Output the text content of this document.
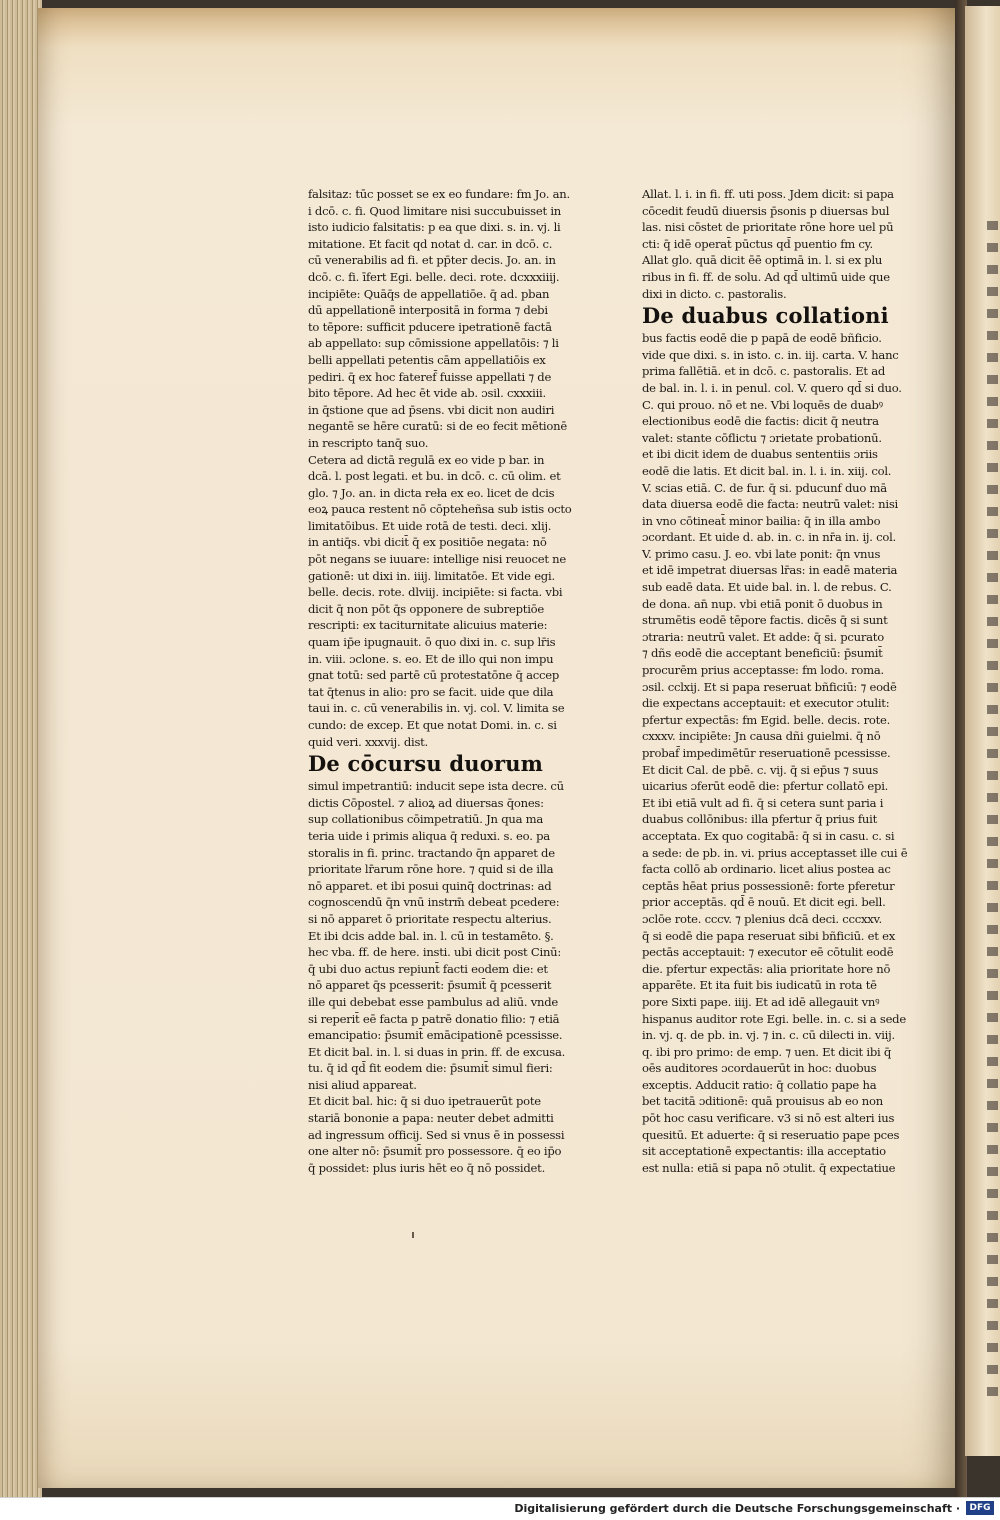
falsitaz: tūc posset se ex eo fundare: fm Jo. an.
i dcō. c. fi. Quod limitare nisi succubuisset in
isto iudicio falsitatis: p ea que dixi. s. in. vj. li
mitatione. Et facit qd notat d. car. in dcō. c.
cū venerabilis ad fi. et pp̄ter decis. Jo. an. in
dcō. c. fi. īfert Egi. belle. deci. rote. dcxxxiiij.
incipiēte: Quāq̄s de appellatiōe. q̄ ad. pban
dū appellationē interpositā in forma ⁊ debi
to tēpore: sufficit pducere ipetrationē factā
ab appellato: sup cōmissione appellatōis: ⁊ li
belli appellati petentis cām appellatiōis ex
pediri. q̄ ex hoc fateref̄ fuisse appellati ⁊ de
bito tēpore. Ad hec ēt vide ab. ɔsil. cxxxiii.
in q̄stione que ad p̄sens. vbi dicit non audiri
negantē se hēre curatū: si de eo fecit mētionē
in rescripto tanq̄ suo.
Cetera ad dictā regulā ex eo vide p bar. in
dcā. l. post legati. et bu. in dcō. c. cū olim. et
glo. ⁊ Jo. an. in dicta reła ex eo. licet de dcis
eoꝝ pauca restent nō cōpteheñsa sub istis octo
limitatōibus. Et uide rotā de testi. deci. xlij.
in antiq̄s. vbi dicit̄ q̄ ex positiōe negata: nō
pōt negans se iuuare: intellige nisi reuocet ne
gationē: ut dixi in. iiij. limitatōe. Et vide egi.
belle. decis. rote. dlviij. incipiēte: si facta. vbi
dicit q̄ non pōt q̄s opponere de subreptiōe
rescripti: ex taciturnitate alicuius materie:
quam ip̄e ipugnauit. ō quo dixi in. c. sup lr̄is
in. viii. ɔclone. s. eo. Et de illo qui non impu
gnat totū: sed partē cū protestatōne q̄ accep
tat q̄tenus in alio: pro se facit. uide que dila
taui in. c. cū venerabilis in. vj. col. V. limita se
cundo: de excep. Et que notat Domi. in. c. si
quid veri. xxxvij. dist.
De cōcursu duorum
simul impetrantiū: inducit sepe ista decre. cū
dictis Cōpostel. ⁊ alioꝝ ad diuersas q̄ones:
sup collationibus cōimpetratiū. Jn qua ma
teria uide i primis aliqua q̄ reduxi. s. eo. pa
storalis in fi. princ. tractando q̄n apparet de
prioritate lr̄arum rōne hore. ⁊ quid si de illa
nō apparet. et ibi posui quinq̄ doctrinas: ad
cognoscendū q̄n vnū instrm̄ debeat pcedere:
si nō apparet ō prioritate respectu alterius.
Et ibi dcis adde bal. in. l. cū in testamēto. §.
hec vba. ff. de here. insti. ubi dicit post Cinū:
q̄ ubi duo actus repiunt̄ facti eodem die: et
nō apparet q̄s pcesserit: p̄sumit̄ q̄ pcesserit
ille qui debebat esse pambulus ad aliū. vnde
si reperit̄ eē facta p patrē donatio filio: ⁊ etiā
emancipatio: p̄sumit̄ emācipationē pcessisse.
Et dicit bal. in. l. si duas in prin. ff. de excusa.
tu. q̄ id qd̄ fit eodem die: p̄sumit̄ simul fieri:
nisi aliud appareat.
Et dicit bal. hic: q̄ si duo ipetrauerūt pote
stariā bononie a papa: neuter debet admitti
ad ingressum officij. Sed si vnus ē in possessi
one alter nō: p̄sumit̄ pro possessore. q̄ eo ip̄o
q̄ possidet: plus iuris hēt eo q̄ nō possidet.
Allat. l. i. in fi. ff. uti poss. Jdem dicit: si papa
cōcedit feudū diuersis p̄sonis p diuersas bul
las. nisi cōstet de prioritate rōne hore uel pū
cti: q̄ idē operat̄ pūctus qd̄ puentio fm cy.
Allat glo. quā dicit ēē optimā in. l. si ex plu
ribus in fi. ff. de solu. Ad qd̄ ultimū uide que
dixi in dicto. c. pastoralis.
De duabus collationi
bus factis eodē die p papā de eodē bñficio.
vide que dixi. s. in isto. c. in. iij. carta. V. hanc
prima fallētiā. et in dcō. c. pastoralis. Et ad
de bal. in. l. i. in penul. col. V. quero qd̄ si duo.
C. qui prouo. nō et ne. Vbi loquēs de duabꝰ
electionibus eodē die factis: dicit q̄ neutra
valet: stante cōflictu ⁊ ɔrietate probationū.
et ibi dicit idem de duabus sententiis ɔriis
eodē die latis. Et dicit bal. in. l. i. in. xiij. col.
V. scias etiā. C. de fur. q̄ si. pducunf duo mā
data diuersa eodē die facta: neutrū valet: nisi
in vno cōtineat̄ minor bailia: q̄ in illa ambo
ɔcordant. Et uide d. ab. in. c. in nr̄a in. ij. col.
V. primo casu. J. eo. vbi late ponit: q̄n vnus
et idē impetrat diuersas lr̄as: in eadē materia
sub eadē data. Et uide bal. in. l. de rebus. C.
de dona. an̄ nup. vbi etiā ponit ō duobus in
strumētis eodē tēpore factis. dicēs q̄ si sunt
ɔtraria: neutrū valet. Et adde: q̄ si. pcurato
⁊ dñs eodē die acceptant beneficiū: p̄sumit̄
procurēm prius acceptasse: fm lodo. roma.
ɔsil. cclxij. Et si papa reseruat bñficiū: ⁊ eodē
die expectans acceptauit: et executor ɔtulit:
pfertur expectās: fm Egid. belle. decis. rote.
cxxxv. incipiēte: Jn causa dñi guielmi. q̄ nō
probaf̄ impedimētūr reseruationē pcessisse.
Et dicit Cal. de pbē. c. vij. q̄ si ep̄us ⁊ suus
uicarius ɔferūt eodē die: pfertur collatō epi.
Et ibi etiā vult ad fi. q̄ si cetera sunt paria i
duabus collōnibus: illa pfertur q̄ prius fuit
acceptata. Ex quo cogitabā: q̄ si in casu. c. si
a sede: de pb. in. vi. prius acceptasset ille cui ē
facta collō ab ordinario. licet alius postea ac
ceptās hēat prius possessionē: forte pferetur
prior acceptās. qd̄ ē nouū. Et dicit egi. bell.
ɔclōe rote. cccv. ⁊ plenius dcā deci. cccxxv.
q̄ si eodē die papa reseruat sibi bñficiū. et ex
pectās acceptauit: ⁊ executor eē cōtulit eodē
die. pfertur expectās: alia prioritate hore nō
apparēte. Et ita fuit bis iudicatū in rota tē
pore Sixti pape. iiij. Et ad idē allegauit vnꝰ
hispanus auditor rote Egi. belle. in. c. si a sede
in. vj. q. de pb. in. vj. ⁊ in. c. cū dilecti in. viij.
q. ibi pro primo: de emp. ⁊ uen. Et dicit ibi q̄
oēs auditores ɔcordauerūt in hoc: duobus
exceptis. Adducit ratio: q̄ collatio pape ha
bet tacitā ɔditionē: quā prouisus ab eo non
pōt hoc casu verificare. v3 si nō est alteri ius
quesitū. Et aduerte: q̄ si reseruatio pape pces
sit acceptationē expectantis: illa acceptatio
est nulla: etiā si papa nō ɔtulit. q̄ expectatiue
Digitalisierung gefördert durch die Deutsche Forschungsgemeinschaft ·	DFG
